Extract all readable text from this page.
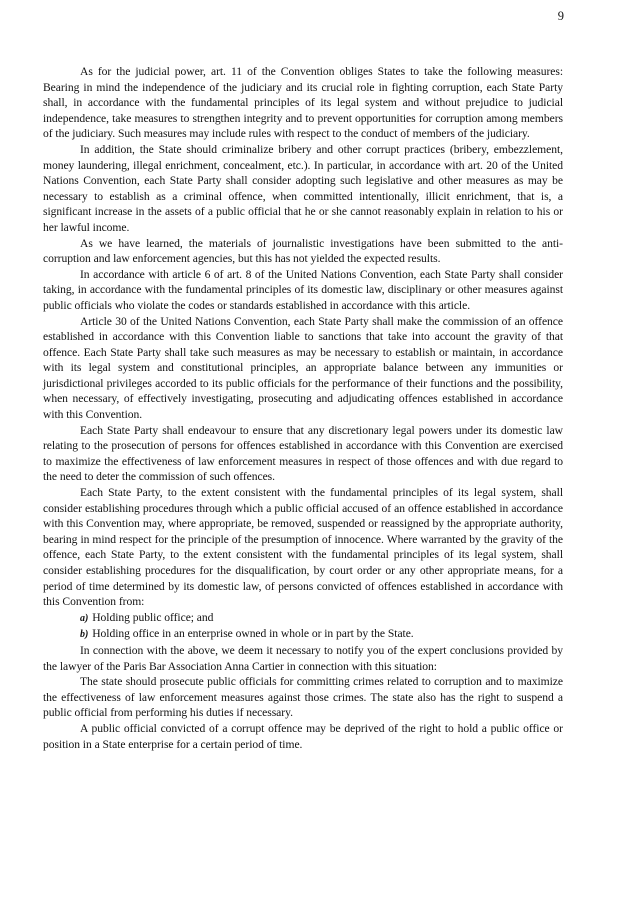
9

As for the judicial power, art. 11 of the Convention obliges States to take the following measures: Bearing in mind the independence of the judiciary and its crucial role in fighting corruption, each State Party shall, in accordance with the fundamental principles of its legal system and without prejudice to judicial independence, take measures to strengthen integrity and to prevent opportunities for corruption among members of the judiciary. Such measures may include rules with respect to the conduct of members of the judiciary.

In addition, the State should criminalize bribery and other corrupt practices (bribery, embezzlement, money laundering, illegal enrichment, concealment, etc.). In particular, in accordance with art. 20 of the United Nations Convention, each State Party shall consider adopting such legislative and other measures as may be necessary to establish as a criminal offence, when committed intentionally, illicit enrichment, that is, a significant increase in the assets of a public official that he or she cannot reasonably explain in relation to his or her lawful income.

As we have learned, the materials of journalistic investigations have been submitted to the anti-corruption and law enforcement agencies, but this has not yielded the expected results.

In accordance with article 6 of art. 8 of the United Nations Convention, each State Party shall consider taking, in accordance with the fundamental principles of its domestic law, disciplinary or other measures against public officials who violate the codes or standards established in accordance with this article.

Article 30 of the United Nations Convention, each State Party shall make the commission of an offence established in accordance with this Convention liable to sanctions that take into account the gravity of that offence. Each State Party shall take such measures as may be necessary to establish or maintain, in accordance with its legal system and constitutional principles, an appropriate balance between any immunities or jurisdictional privileges accorded to its public officials for the performance of their functions and the possibility, when necessary, of effectively investigating, prosecuting and adjudicating offences established in accordance with this Convention.

Each State Party shall endeavour to ensure that any discretionary legal powers under its domestic law relating to the prosecution of persons for offences established in accordance with this Convention are exercised to maximize the effectiveness of law enforcement measures in respect of those offences and with due regard to the need to deter the commission of such offences.

Each State Party, to the extent consistent with the fundamental principles of its legal system, shall consider establishing procedures through which a public official accused of an offence established in accordance with this Convention may, where appropriate, be removed, suspended or reassigned by the appropriate authority, bearing in mind respect for the principle of the presumption of innocence. Where warranted by the gravity of the offence, each State Party, to the extent consistent with the fundamental principles of its legal system, shall consider establishing procedures for the disqualification, by court order or any other appropriate means, for a period of time determined by its domestic law, of persons convicted of offences established in accordance with this Convention from:

a) Holding public office; and
b) Holding office in an enterprise owned in whole or in part by the State.

In connection with the above, we deem it necessary to notify you of the expert conclusions provided by the lawyer of the Paris Bar Association Anna Cartier in connection with this situation:

The state should prosecute public officials for committing crimes related to corruption and to maximize the effectiveness of law enforcement measures against those crimes. The state also has the right to suspend a public official from performing his duties if necessary.

A public official convicted of a corrupt offence may be deprived of the right to hold a public office or position in a State enterprise for a certain period of time.
